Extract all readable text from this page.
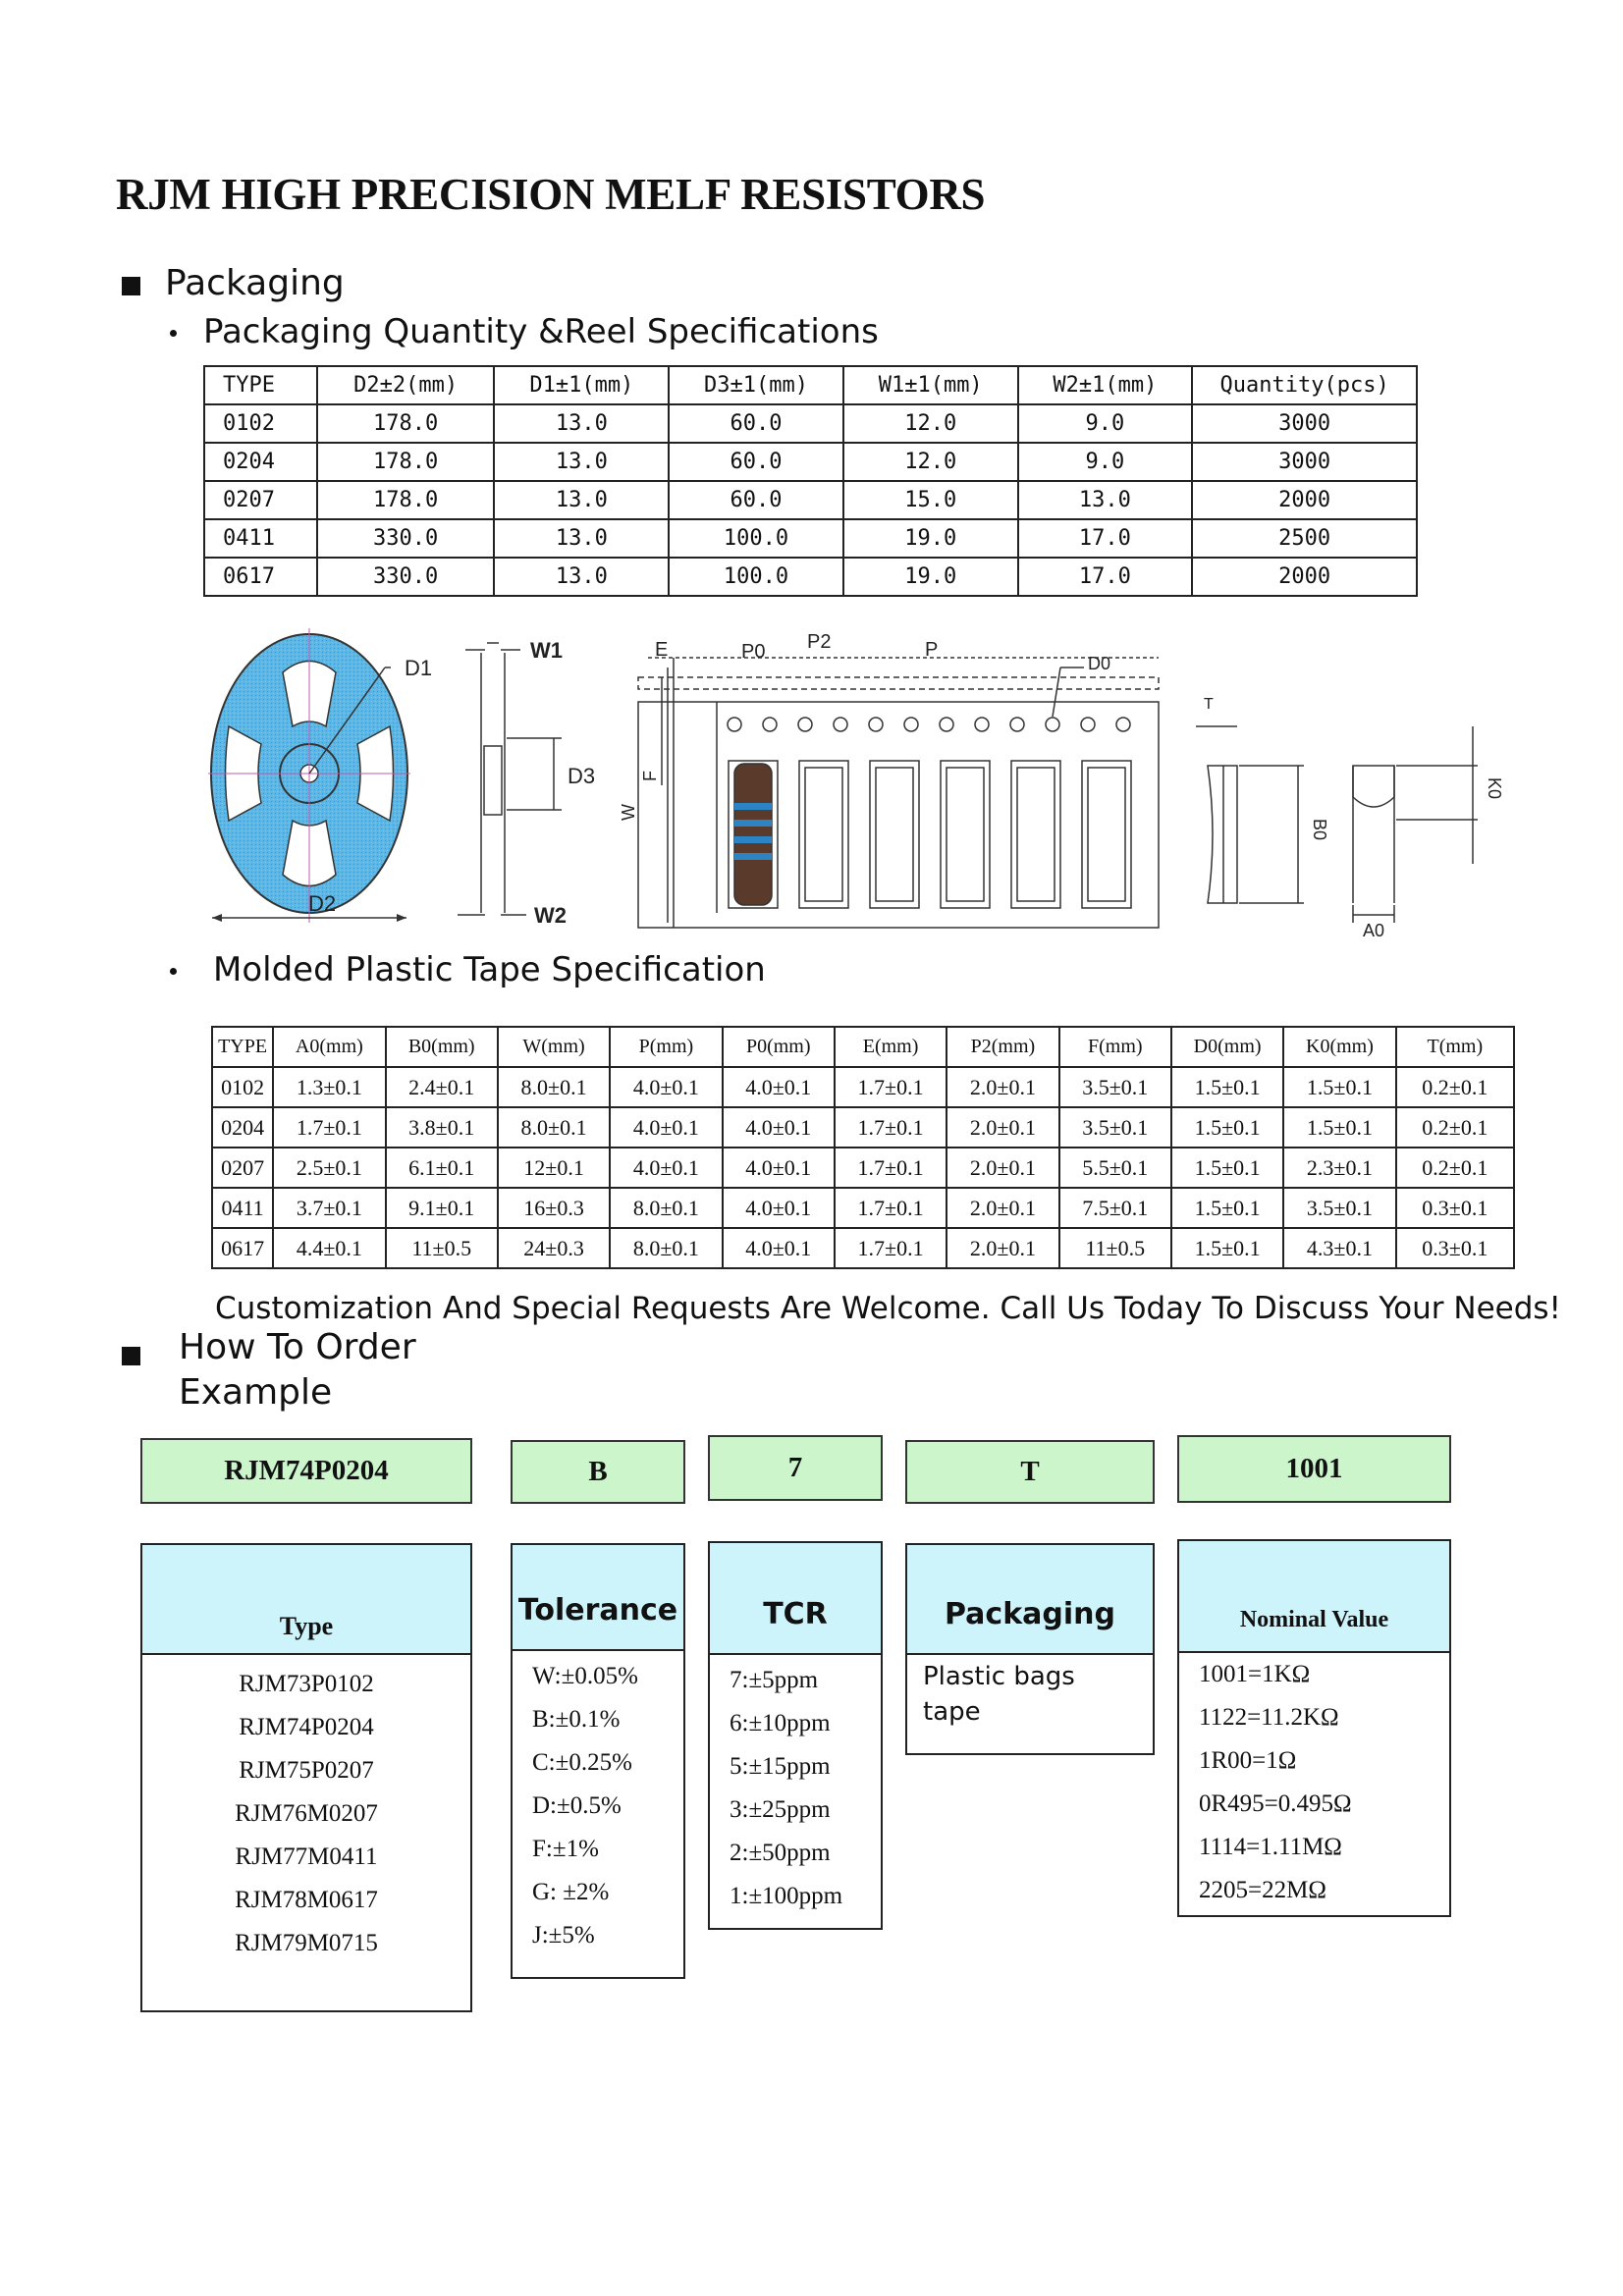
RJM HIGH PRECISION MELF RESISTORS
Packaging
Packaging Quantity &Reel Specifications
TYPE	D2±2(mm)	D1±1(mm)	D3±1(mm)	W1±1(mm)	W2±1(mm)	Quantity(pcs)
0102	178.0	13.0	60.0	12.0	9.0	3000
0204	178.0	13.0	60.0	12.0	9.0	3000
0207	178.0	13.0	60.0	15.0	13.0	2000
0411	330.0	13.0	100.0	19.0	17.0	2500
0617	330.0	13.0	100.0	19.0	17.0	2000
D1
D2
W1
D3
W2
E	P0 P2	P
D0
F
W
T
B0
K0
A0
Molded Plastic Tape Specification
TYPE	A0(mm)	B0(mm)	W(mm)	P(mm)	P0(mm)	E(mm)	P2(mm)	F(mm)	D0(mm)	K0(mm)	T(mm)
0102	1.3±0.1	2.4±0.1	8.0±0.1	4.0±0.1	4.0±0.1	1.7±0.1	2.0±0.1	3.5±0.1	1.5±0.1	1.5±0.1	0.2±0.1
0204	1.7±0.1	3.8±0.1	8.0±0.1	4.0±0.1	4.0±0.1	1.7±0.1	2.0±0.1	3.5±0.1	1.5±0.1	1.5±0.1	0.2±0.1
0207	2.5±0.1	6.1±0.1	12±0.1	4.0±0.1	4.0±0.1	1.7±0.1	2.0±0.1	5.5±0.1	1.5±0.1	2.3±0.1	0.2±0.1
0411	3.7±0.1	9.1±0.1	16±0.3	8.0±0.1	4.0±0.1	1.7±0.1	2.0±0.1	7.5±0.1	1.5±0.1	3.5±0.1	0.3±0.1
0617	4.4±0.1	11±0.5	24±0.3	8.0±0.1	4.0±0.1	1.7±0.1	2.0±0.1	11±0.5	1.5±0.1	4.3±0.1	0.3±0.1
Customization And Special Requests Are Welcome. Call Us Today To Discuss Your Needs!
How To Order
Example
RJM74P0204	B	7	T	1001
Type
RJM73P0102
RJM74P0204
RJM75P0207
RJM76M0207
RJM77M0411
RJM78M0617
RJM79M0715
Tolerance
W:±0.05%
B:±0.1%
C:±0.25%
D:±0.5%
F:±1%
G: ±2%
J:±5%
TCR
7:±5ppm
6:±10ppm
5:±15ppm
3:±25ppm
2:±50ppm
1:±100ppm
Packaging
Plastic bags
tape
Nominal Value
1001=1KΩ
1122=11.2KΩ
1R00=1Ω
0R495=0.495Ω
1114=1.11MΩ
2205=22MΩ
